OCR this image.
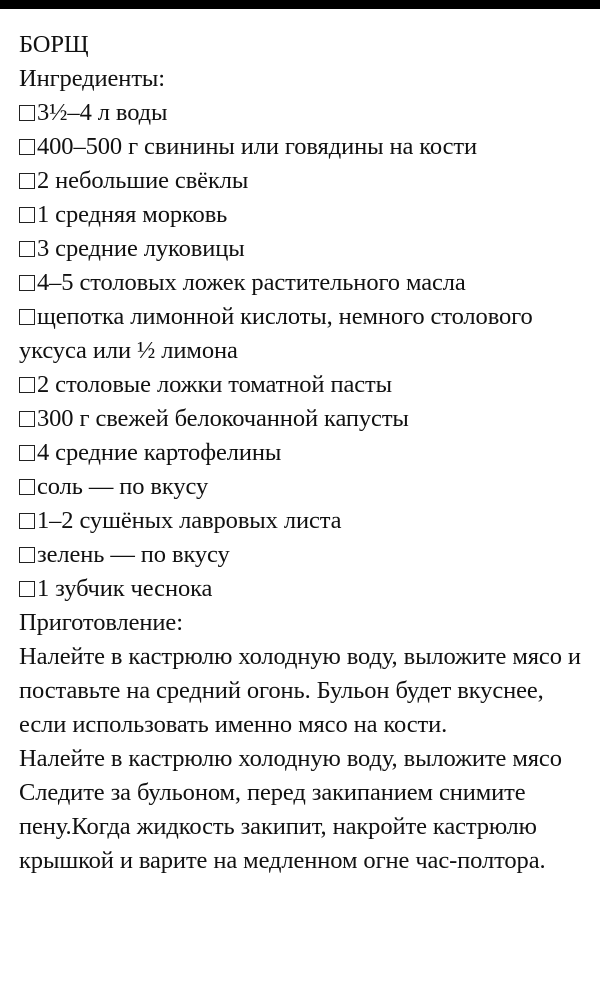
БОРЩ
Ингредиенты:
3½–4 л воды
400–500 г свинины или говядины на кости
2 небольшие свёклы
1 средняя морковь
3 средние луковицы
4–5 столовых ложек растительного масла
щепотка лимонной кислоты, немного столового уксуса или ½ лимона
2 столовые ложки томатной пасты
300 г свежей белокочанной капусты
4 средние картофелины
соль — по вкусу
1–2 сушёных лавровых листа
зелень — по вкусу
1 зубчик чеснока
Приготовление:
Налейте в кастрюлю холодную воду, выложите мясо и поставьте на средний огонь. Бульон будет вкуснее, если использовать именно мясо на кости.
Налейте в кастрюлю холодную воду, выложите мясо
Следите за бульоном, перед закипанием снимите пену.Когда жидкость закипит, накройте кастрюлю крышкой и варите на медленном огне час-полтора.
